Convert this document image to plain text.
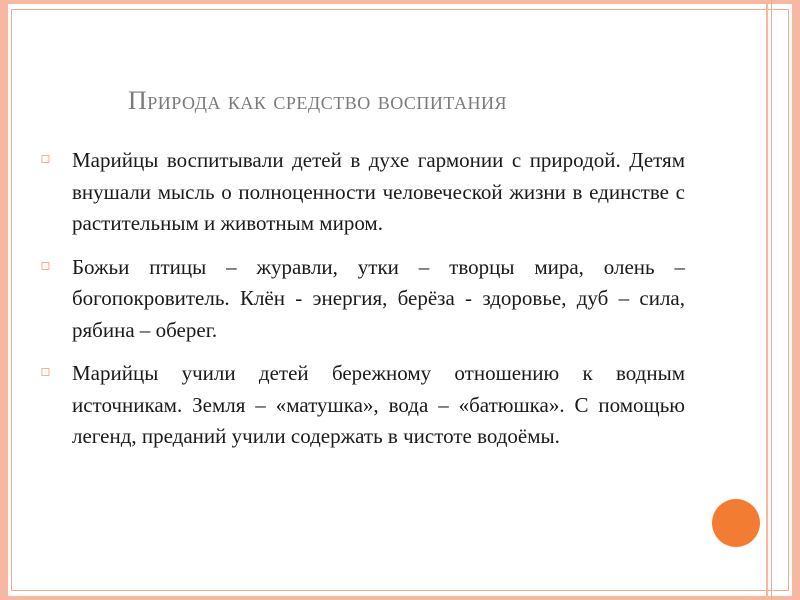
Природа как средство воспитания
▫ Марийцы воспитывали детей в духе гармонии с природой. Детям внушали мысль о полноценности человеческой жизни в единстве с растительным и животным миром.
▫ Божьи птицы – журавли, утки – творцы мира, олень – богопокровитель. Клён - энергия, берёза - здоровье, дуб – сила, рябина – оберег.
▫ Марийцы учили детей бережному отношению к водным источникам. Земля – «матушка», вода – «батюшка». С помощью легенд, преданий учили содержать в чистоте водоёмы.
